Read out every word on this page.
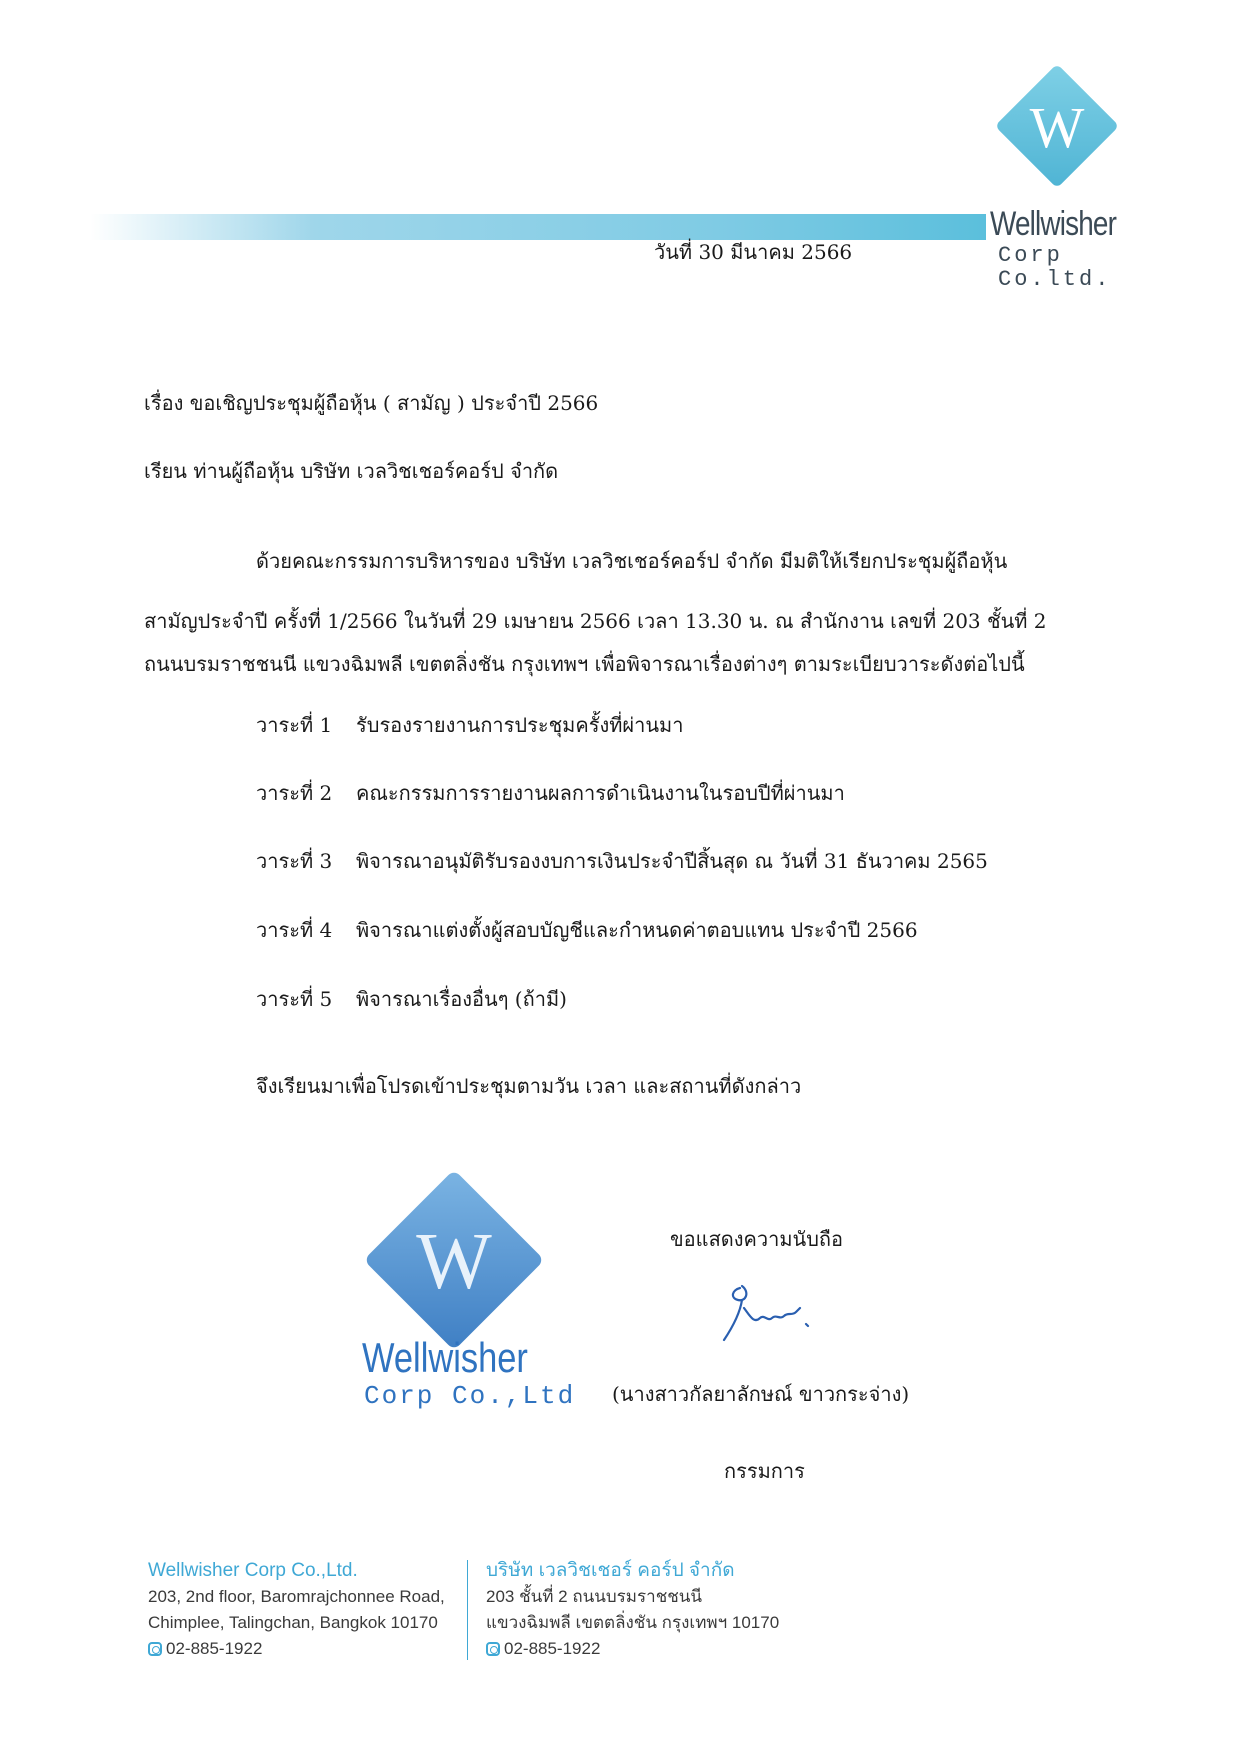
W
Wellwisher
Corp Co.ltd.
วันที่ 30 มีนาคม 2566
เรื่อง ขอเชิญประชุมผู้ถือหุ้น ( สามัญ ) ประจำปี 2566
เรียน ท่านผู้ถือหุ้น บริษัท เวลวิชเชอร์คอร์ป จำกัด
ด้วยคณะกรรมการบริหารของ บริษัท เวลวิชเชอร์คอร์ป จำกัด มีมติให้เรียกประชุมผู้ถือหุ้น
สามัญประจำปี ครั้งที่ 1/2566 ในวันที่ 29 เมษายน 2566 เวลา 13.30 น. ณ สำนักงาน เลขที่ 203 ชั้นที่ 2
ถนนบรมราชชนนี แขวงฉิมพลี เขตตลิ่งชัน กรุงเทพฯ เพื่อพิจารณาเรื่องต่างๆ ตามระเบียบวาระดังต่อไปนี้
วาระที่ 1 รับรองรายงานการประชุมครั้งที่ผ่านมา
วาระที่ 2 คณะกรรมการรายงานผลการดำเนินงานในรอบปีที่ผ่านมา
วาระที่ 3 พิจารณาอนุมัติรับรองงบการเงินประจำปีสิ้นสุด ณ วันที่ 31 ธันวาคม 2565
วาระที่ 4 พิจารณาแต่งตั้งผู้สอบบัญชีและกำหนดค่าตอบแทน ประจำปี 2566
วาระที่ 5 พิจารณาเรื่องอื่นๆ (ถ้ามี)
จึงเรียนมาเพื่อโปรดเข้าประชุมตามวัน เวลา และสถานที่ดังกล่าว
W
Wellwisher
Corp Co.,Ltd
ขอแสดงความนับถือ
(นางสาวกัลยาลักษณ์ ขาวกระจ่าง)
กรรมการ
Wellwisher Corp Co.,Ltd.
203, 2nd floor, Baromrajchonnee Road,
Chimplee, Talingchan, Bangkok 10170
02-885-1922
บริษัท เวลวิชเชอร์ คอร์ป จำกัด
203 ชั้นที่ 2 ถนนบรมราชชนนี
แขวงฉิมพลี เขตตลิ่งชัน กรุงเทพฯ 10170
02-885-1922
